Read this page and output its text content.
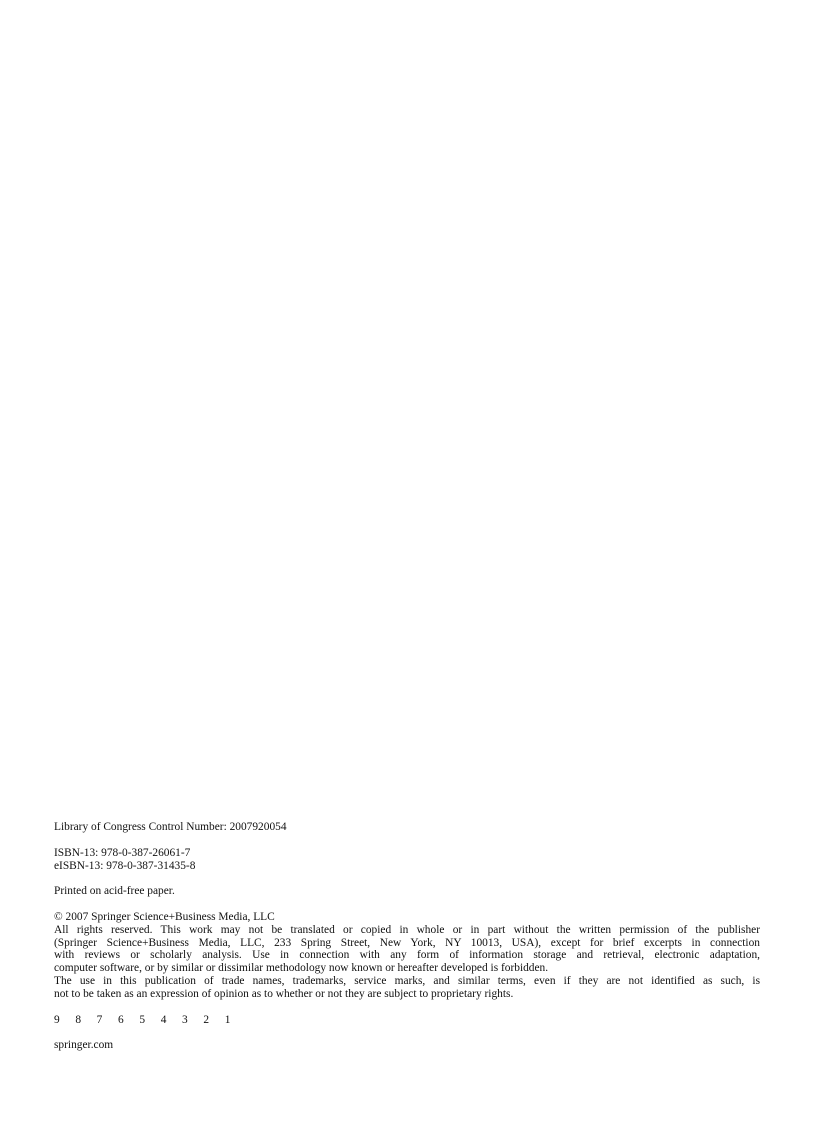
Library of Congress Control Number: 2007920054

ISBN-13: 978-0-387-26061-7
eISBN-13: 978-0-387-31435-8

Printed on acid-free paper.

© 2007 Springer Science+Business Media, LLC
All rights reserved. This work may not be translated or copied in whole or in part without the written permission of the publisher
(Springer Science+Business Media, LLC, 233 Spring Street, New York, NY 10013, USA), except for brief excerpts in connection
with reviews or scholarly analysis. Use in connection with any form of information storage and retrieval, electronic adaptation,
computer software, or by similar or dissimilar methodology now known or hereafter developed is forbidden.
The use in this publication of trade names, trademarks, service marks, and similar terms, even if they are not identified as such, is
not to be taken as an expression of opinion as to whether or not they are subject to proprietary rights.

9 8 7 6 5 4 3 2 1

springer.com
